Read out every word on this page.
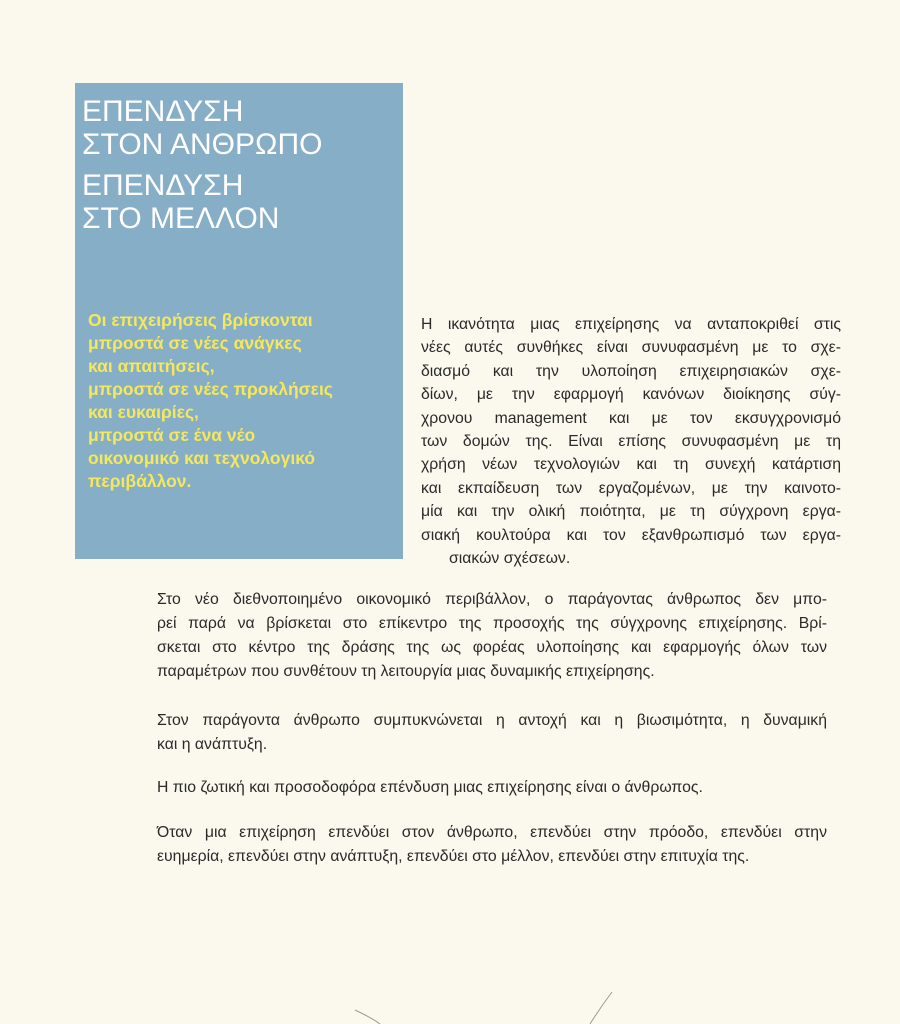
ΕΠΕΝΔΥΣΗ
ΣΤΟΝ ΑΝΘΡΩΠΟ
ΕΠΕΝΔΥΣΗ
ΣΤΟ ΜΕΛΛΟΝ
Οι επιχειρήσεις βρίσκονται
μπροστά σε νέες ανάγκες
και απαιτήσεις,
μπροστά σε νέες προκλήσεις
και ευκαιρίες,
μπροστά σε ένα νέο
οικονομικό και τεχνολογικό
περιβάλλον.
Η ικανότητα μιας επιχείρησης να ανταποκριθεί στις
νέες αυτές συνθήκες είναι συνυφασμένη με το σχε-
διασμό και την υλοποίηση επιχειρησιακών σχε-
δίων, με την εφαρμογή κανόνων διοίκησης σύγ-
χρονου management και με τον εκσυγχρονισμό
των δομών της. Είναι επίσης συνυφασμένη με τη
χρήση νέων τεχνολογιών και τη συνεχή κατάρτιση
και εκπαίδευση των εργαζομένων, με την καινοτο-
μία και την ολική ποιότητα, με τη σύγχρονη εργα-
σιακή κουλτούρα και τον εξανθρωπισμό των εργα-
σιακών σχέσεων.
Στο νέο διεθνοποιημένο οικονομικό περιβάλλον, ο παράγοντας άνθρωπος δεν μπο-
ρεί παρά να βρίσκεται στο επίκεντρο της προσοχής της σύγχρονης επιχείρησης. Βρί-
σκεται στο κέντρο της δράσης της ως φορέας υλοποίησης και εφαρμογής όλων των
παραμέτρων που συνθέτουν τη λειτουργία μιας δυναμικής επιχείρησης.
Στον παράγοντα άνθρωπο συμπυκνώνεται η αντοχή και η βιωσιμότητα, η δυναμική
και η ανάπτυξη.
Η πιο ζωτική και προσοδοφόρα επένδυση μιας επιχείρησης είναι ο άνθρωπος.
Όταν μια επιχείρηση επενδύει στον άνθρωπο, επενδύει στην πρόοδο, επενδύει στην
ευημερία, επενδύει στην ανάπτυξη, επενδύει στο μέλλον, επενδύει στην επιτυχία της.
